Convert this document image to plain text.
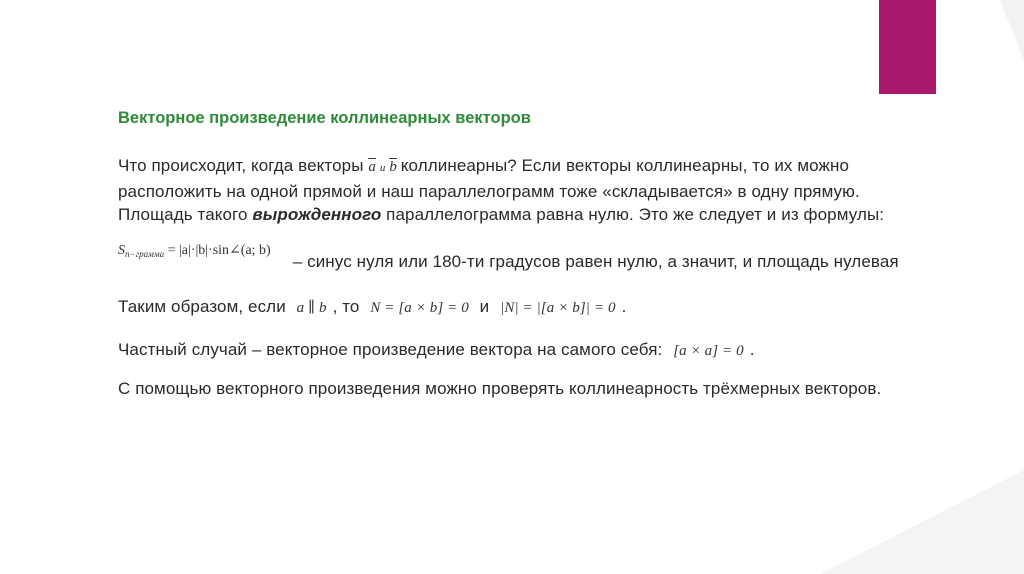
Векторное произведение коллинеарных векторов

Что происходит, когда векторы $\overline{a}$ и $\overline{b}$ коллинеарны? Если векторы коллинеарны, то их можно расположить на одной прямой и наш параллелограмм тоже «складывается» в одну прямую. Площадь такого вырожденного параллелограмма равна нулю. Это же следует и из формулы:

$S_{п-грамма}$ = |a|·|b|·sin∠(a; b)

– синус нуля или 180-ти градусов равен нулю, а значит, и площадь нулевая

Таким образом, если a ∥ b , то N = [a × b] = 0 и |N| = |[a × b]| = 0 .

Частный случай – векторное произведение вектора на самого себя: [a × a] = 0 .

С помощью векторного произведения можно проверять коллинеарность трёхмерных векторов.
